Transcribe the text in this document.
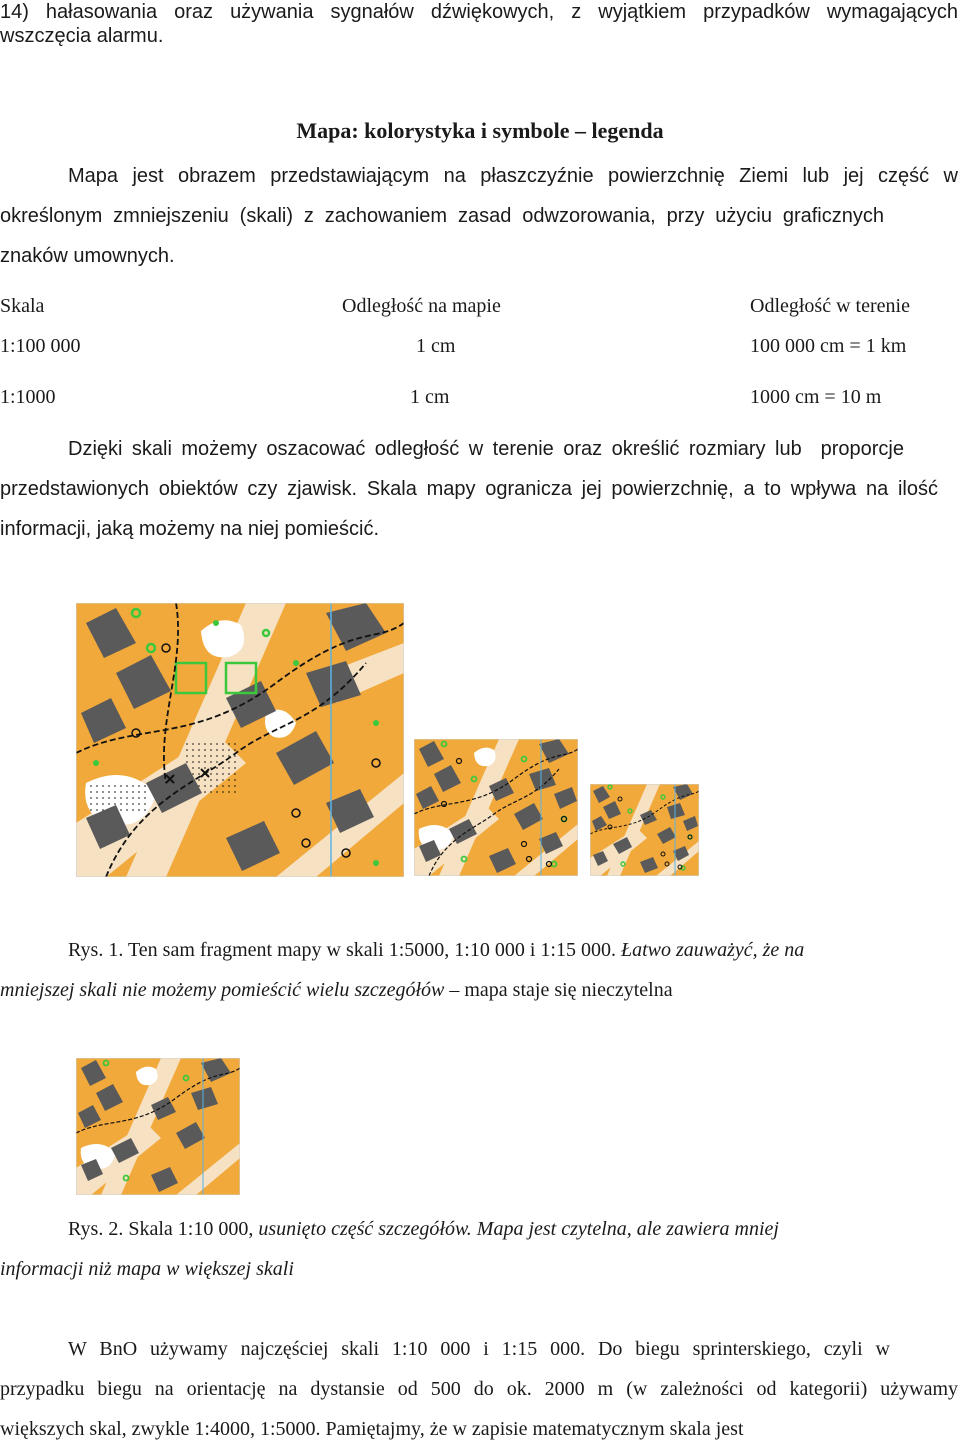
14) hałasowania oraz używania sygnałów dźwiękowych, z wyjątkiem przypadków wymagających
wszczęcia alarmu.
Mapa: kolorystyka i symbole – legenda
Mapa jest obrazem przedstawiającym na płaszczyźnie powierzchnię Ziemi lub jej część w
określonym zmniejszeniu (skali) z zachowaniem zasad odwzorowania, przy użyciu graficznych
znaków umownych.
Skala	Odległość na mapie	Odległość w terenie
1:100 000	1 cm	100 000 cm = 1 km
1:1000	1 cm	1000 cm = 10 m
Dzięki skali możemy oszacować odległość w terenie oraz określić rozmiary lub  proporcje
przedstawionych obiektów czy zjawisk. Skala mapy ogranicza jej powierzchnię, a to wpływa na ilość
informacji, jaką możemy na niej pomieścić.
Rys. 1. Ten sam fragment mapy w skali 1:5000, 1:10 000 i 1:15 000. Łatwo zauważyć, że na
mniejszej skali nie możemy pomieścić wielu szczegółów – mapa staje się nieczytelna
Rys. 2. Skala 1:10 000, usunięto część szczegółów. Mapa jest czytelna, ale zawiera mniej
informacji niż mapa w większej skali
W BnO używamy najczęściej skali 1:10 000 i 1:15 000. Do biegu sprinterskiego, czyli w
przypadku biegu na orientację na dystansie od 500 do ok. 2000 m (w zależności od kategorii) używamy
większych skal, zwykle 1:4000, 1:5000. Pamiętajmy, że w zapisie matematycznym skala jest
